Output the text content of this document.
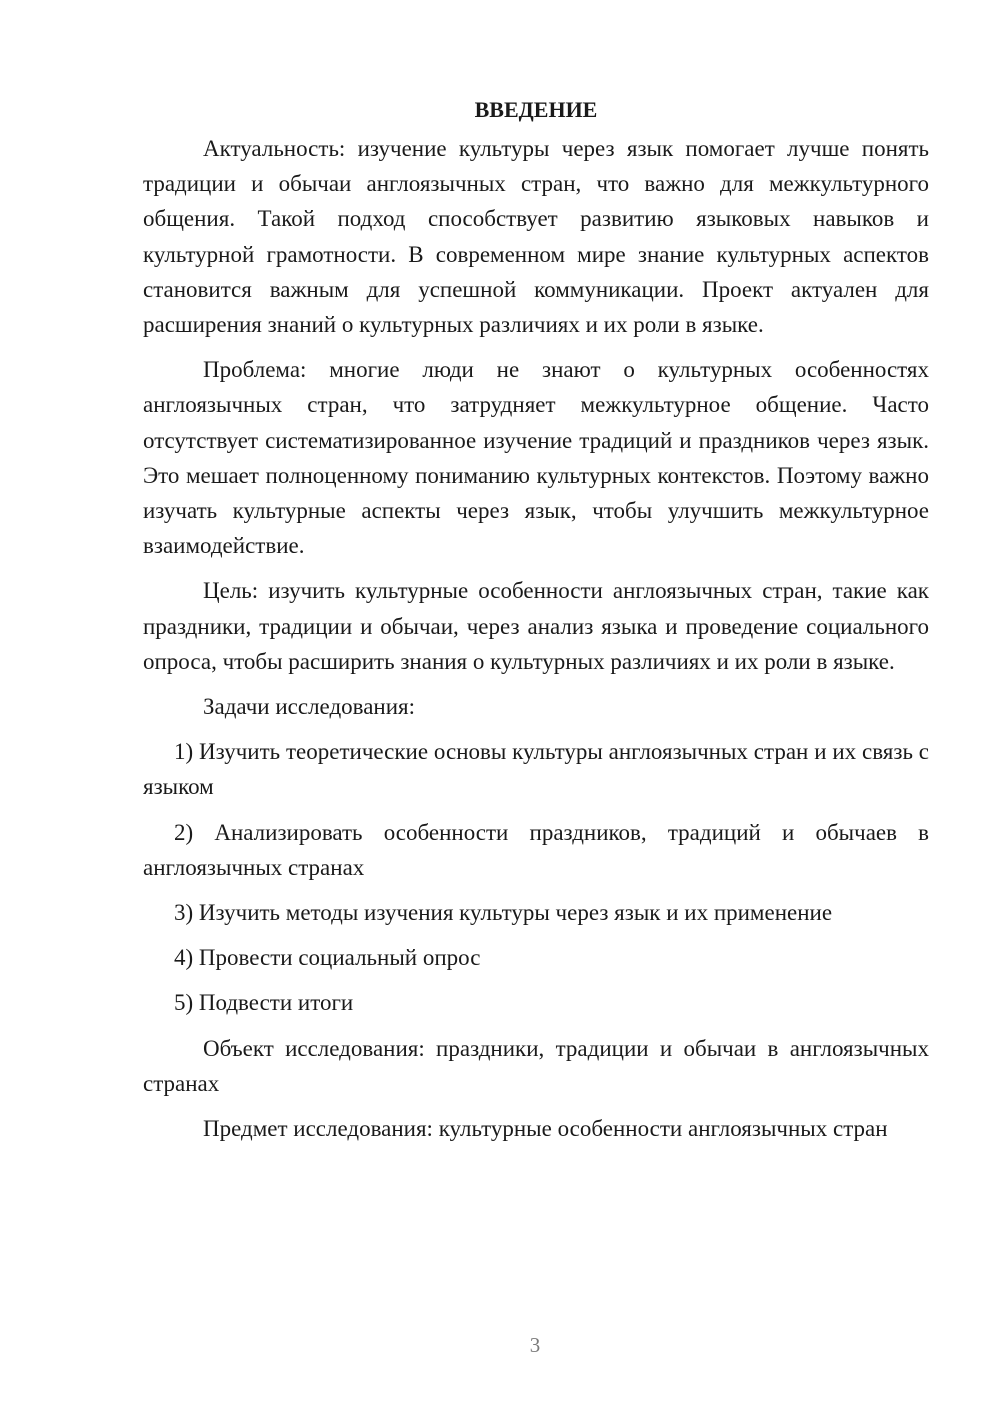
ВВЕДЕНИЕ

Актуальность: изучение культуры через язык помогает лучше понять традиции и обычаи англоязычных стран, что важно для межкультурного общения. Такой подход способствует развитию языковых навыков и культурной грамотности. В современном мире знание культурных аспектов становится важным для успешной коммуникации. Проект актуален для расширения знаний о культурных различиях и их роли в языке.

Проблема: многие люди не знают о культурных особенностях англоязычных стран, что затрудняет межкультурное общение. Часто отсутствует систематизированное изучение традиций и праздников через язык. Это мешает полноценному пониманию культурных контекстов. Поэтому важно изучать культурные аспекты через язык, чтобы улучшить межкультурное взаимодействие.

Цель: изучить культурные особенности англоязычных стран, такие как праздники, традиции и обычаи, через анализ языка и проведение социального опроса, чтобы расширить знания о культурных различиях и их роли в языке.

Задачи исследования:

1) Изучить теоретические основы культуры англоязычных стран и их связь с языком

2) Анализировать особенности праздников, традиций и обычаев в англоязычных странах

3) Изучить методы изучения культуры через язык и их применение

4) Провести социальный опрос

5) Подвести итоги

Объект исследования: праздники, традиции и обычаи в англоязычных странах

Предмет исследования: культурные особенности англоязычных стран

3
